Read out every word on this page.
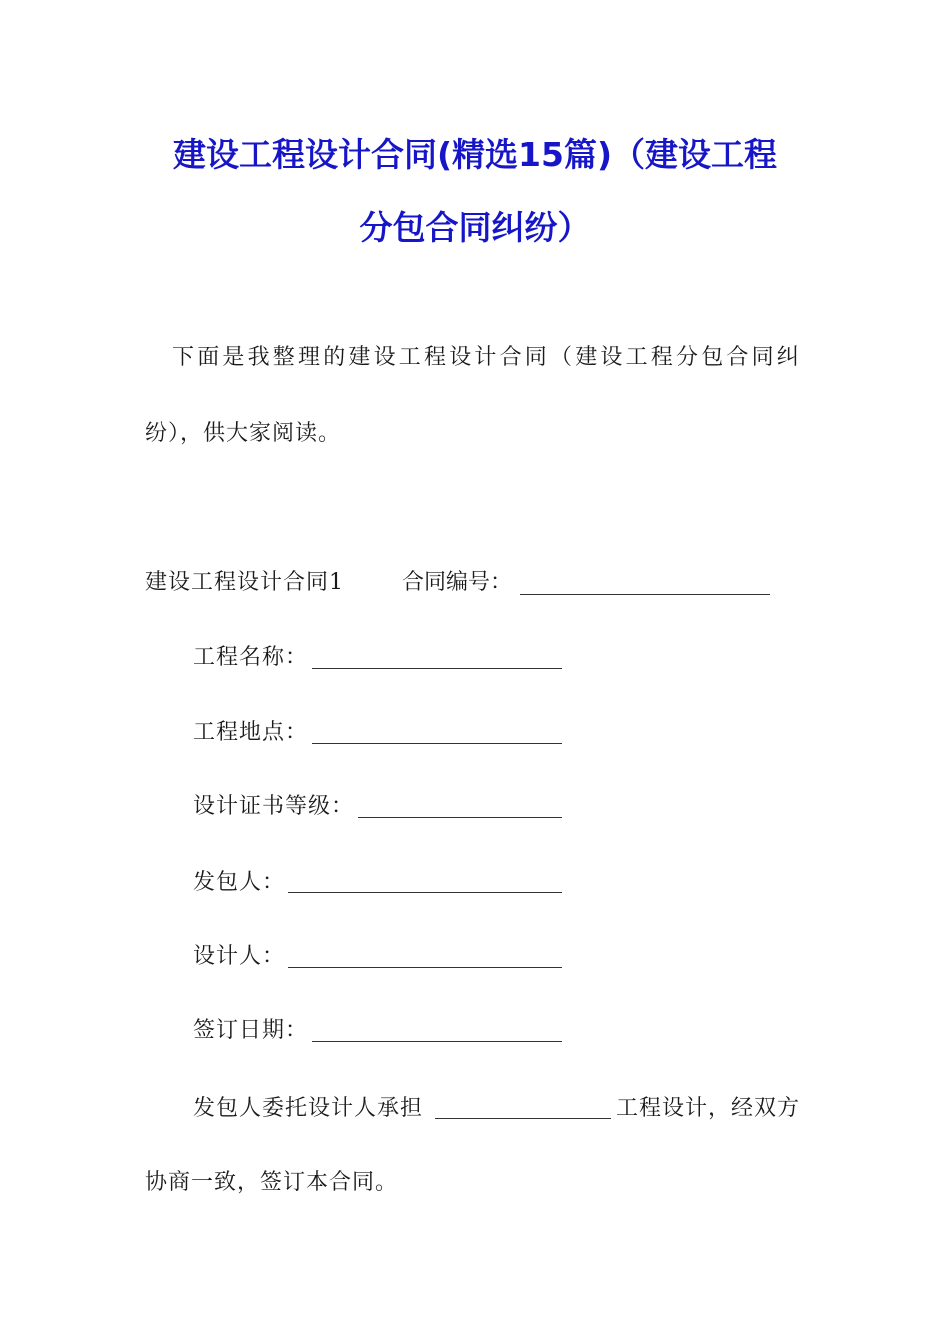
建设工程设计合同(精选15篇)（建设工程
分包合同纠纷）
下面是我整理的建设工程设计合同（建设工程分包合同纠
纷），供大家阅读。
建设工程设计合同1	合同编号：
工程名称：
工程地点：
设计证书等级：
发包人：
设计人：
签订日期：
发包人委托设计人承担	工程设计，经双方
协商一致，签订本合同。
